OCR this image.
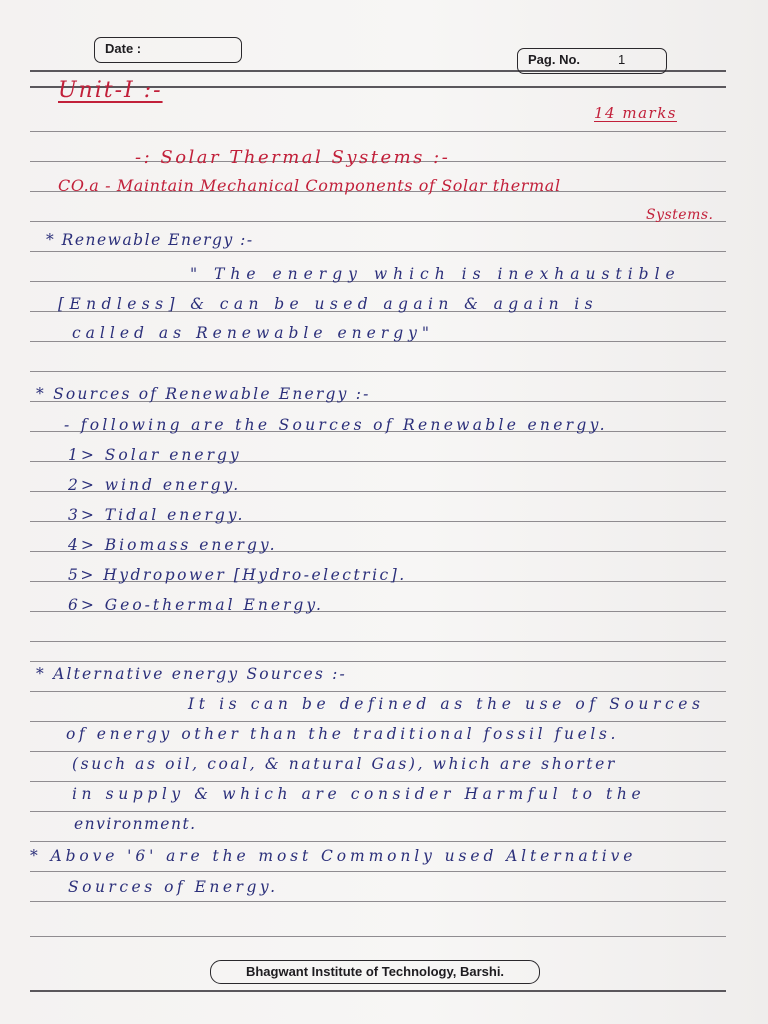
Date :
Pag. No.	1
Unit-I :-
14 marks
-: Solar Thermal Systems :-
CO.a - Maintain Mechanical Components of Solar thermal
Systems.
* Renewable Energy :-
" The energy which is inexhaustible
[Endless] & can be used again & again is
called as Renewable energy"
* Sources of Renewable Energy :-
- following are the Sources of Renewable energy.
1> Solar energy
2> wind energy.
3> Tidal energy.
4> Biomass energy.
5> Hydropower [Hydro-electric].
6> Geo-thermal Energy.
* Alternative energy Sources :-
It is can be defined as the use of Sources
of energy other than the traditional fossil fuels.
(such as oil, coal, & natural Gas), which are shorter
in supply & which are consider Harmful to the
environment.
* Above '6' are the most Commonly used Alternative
Sources of Energy.
Bhagwant Institute of Technology, Barshi.
